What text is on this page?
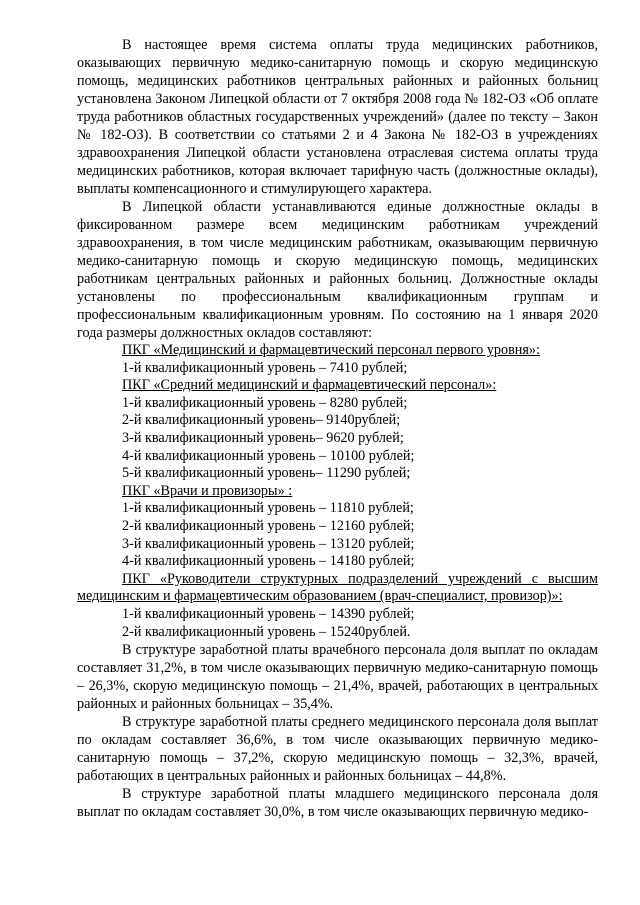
В настоящее время система оплаты труда медицинских работников, оказывающих первичную медико-санитарную помощь и скорую медицинскую помощь, медицинских работников центральных районных и районных больниц установлена Законом Липецкой области от 7 октября 2008 года № 182-ОЗ «Об оплате труда работников областных государственных учреждений» (далее по тексту – Закон № 182-ОЗ). В соответствии со статьями 2 и 4 Закона № 182-ОЗ в учреждениях здравоохранения Липецкой области установлена отраслевая система оплаты труда медицинских работников, которая включает тарифную часть (должностные оклады), выплаты компенсационного и стимулирующего характера.

В Липецкой области устанавливаются единые должностные оклады в фиксированном размере всем медицинским работникам учреждений здравоохранения, в том числе медицинским работникам, оказывающим первичную медико-санитарную помощь и скорую медицинскую помощь, медицинских работникам центральных районных и районных больниц. Должностные оклады установлены по профессиональным квалификационным группам и профессиональным квалификационным уровням. По состоянию на 1 января 2020 года размеры должностных окладов составляют:

ПКГ «Медицинский и фармацевтический персонал первого уровня»:
1-й квалификационный уровень – 7410 рублей;
ПКГ «Средний медицинский и фармацевтический персонал»:
1-й квалификационный уровень – 8280 рублей;
2-й квалификационный уровень– 9140рублей;
3-й квалификационный уровень– 9620 рублей;
4-й квалификационный уровень – 10100 рублей;
5-й квалификационный уровень– 11290 рублей;
ПКГ «Врачи и провизоры» :
1-й квалификационный уровень – 11810 рублей;
2-й квалификационный уровень – 12160 рублей;
3-й квалификационный уровень – 13120 рублей;
4-й квалификационный уровень – 14180 рублей;
ПКГ «Руководители структурных подразделений учреждений с высшим медицинским и фармацевтическим образованием (врач-специалист, провизор)»:
1-й квалификационный уровень – 14390 рублей;
2-й квалификационный уровень – 15240рублей.

В структуре заработной платы врачебного персонала доля выплат по окладам составляет 31,2%, в том числе оказывающих первичную медико-санитарную помощь – 26,3%, скорую медицинскую помощь – 21,4%, врачей, работающих в центральных районных и районных больницах – 35,4%.

В структуре заработной платы среднего медицинского персонала доля выплат по окладам составляет 36,6%, в том числе оказывающих первичную медико-санитарную помощь – 37,2%, скорую медицинскую помощь – 32,3%, врачей, работающих в центральных районных и районных больницах – 44,8%.

В структуре заработной платы младшего медицинского персонала доля выплат по окладам составляет 30,0%, в том числе оказывающих первичную медико-
